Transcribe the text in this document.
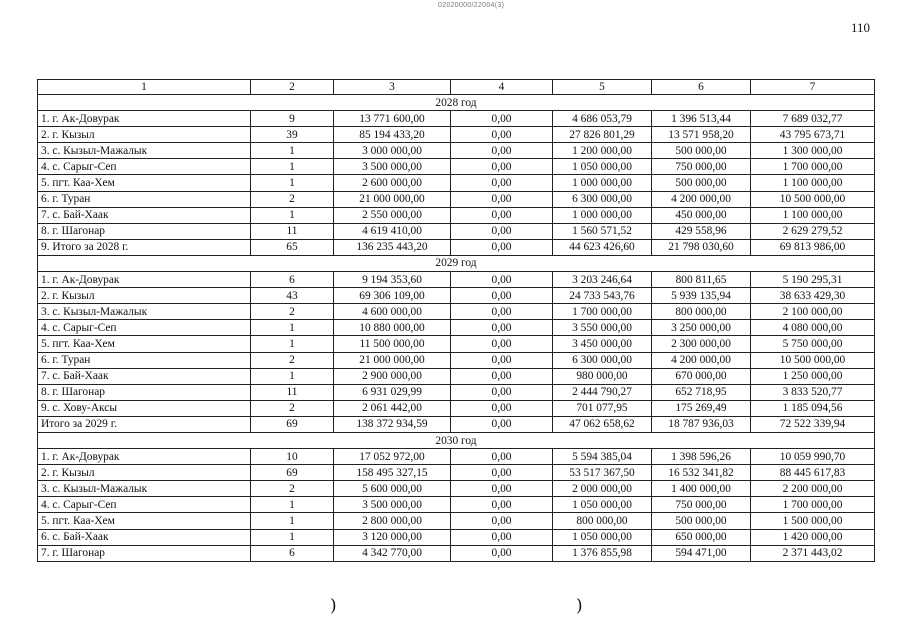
02020000/22004(3)
110
1	2	3	4	5	6	7
2028 год						
1. г. Ак-Довурак	9	13 771 600,00	0,00	4 686 053,79	1 396 513,44	7 689 032,77
2. г. Кызыл	39	85 194 433,20	0,00	27 826 801,29	13 571 958,20	43 795 673,71
3. с. Кызыл-Мажалык	1	3 000 000,00	0,00	1 200 000,00	500 000,00	1 300 000,00
4. с. Сарыг-Сеп	1	3 500 000,00	0,00	1 050 000,00	750 000,00	1 700 000,00
5. пгт. Каа-Хем	1	2 600 000,00	0,00	1 000 000,00	500 000,00	1 100 000,00
6. г. Туран	2	21 000 000,00	0,00	6 300 000,00	4 200 000,00	10 500 000,00
7. с. Бай-Хаак	1	2 550 000,00	0,00	1 000 000,00	450 000,00	1 100 000,00
8. г. Шагонар	11	4 619 410,00	0,00	1 560 571,52	429 558,96	2 629 279,52
9. Итого за 2028 г.	65	136 235 443,20	0,00	44 623 426,60	21 798 030,60	69 813 986,00
2029 год						
1. г. Ак-Довурак	6	9 194 353,60	0,00	3 203 246,64	800 811,65	5 190 295,31
2. г. Кызыл	43	69 306 109,00	0,00	24 733 543,76	5 939 135,94	38 633 429,30
3. с. Кызыл-Мажалык	2	4 600 000,00	0,00	1 700 000,00	800 000,00	2 100 000,00
4. с. Сарыг-Сеп	1	10 880 000,00	0,00	3 550 000,00	3 250 000,00	4 080 000,00
5. пгт. Каа-Хем	1	11 500 000,00	0,00	3 450 000,00	2 300 000,00	5 750 000,00
6. г. Туран	2	21 000 000,00	0,00	6 300 000,00	4 200 000,00	10 500 000,00
7. с. Бай-Хаак	1	2 900 000,00	0,00	980 000,00	670 000,00	1 250 000,00
8. г. Шагонар	11	6 931 029,99	0,00	2 444 790,27	652 718,95	3 833 520,77
9. с. Хову-Аксы	2	2 061 442,00	0,00	701 077,95	175 269,49	1 185 094,56
Итого за 2029 г.	69	138 372 934,59	0,00	47 062 658,62	18 787 936,03	72 522 339,94
2030 год						
1. г. Ак-Довурак	10	17 052 972,00	0,00	5 594 385,04	1 398 596,26	10 059 990,70
2. г. Кызыл	69	158 495 327,15	0,00	53 517 367,50	16 532 341,82	88 445 617,83
3. с. Кызыл-Мажалык	2	5 600 000,00	0,00	2 000 000,00	1 400 000,00	2 200 000,00
4. с. Сарыг-Сеп	1	3 500 000,00	0,00	1 050 000,00	750 000,00	1 700 000,00
5. пгт. Каа-Хем	1	2 800 000,00	0,00	800 000,00	500 000,00	1 500 000,00
6. с. Бай-Хаак	1	3 120 000,00	0,00	1 050 000,00	650 000,00	1 420 000,00
7. г. Шагонар	6	4 342 770,00	0,00	1 376 855,98	594 471,00	2 371 443,02
)	)
